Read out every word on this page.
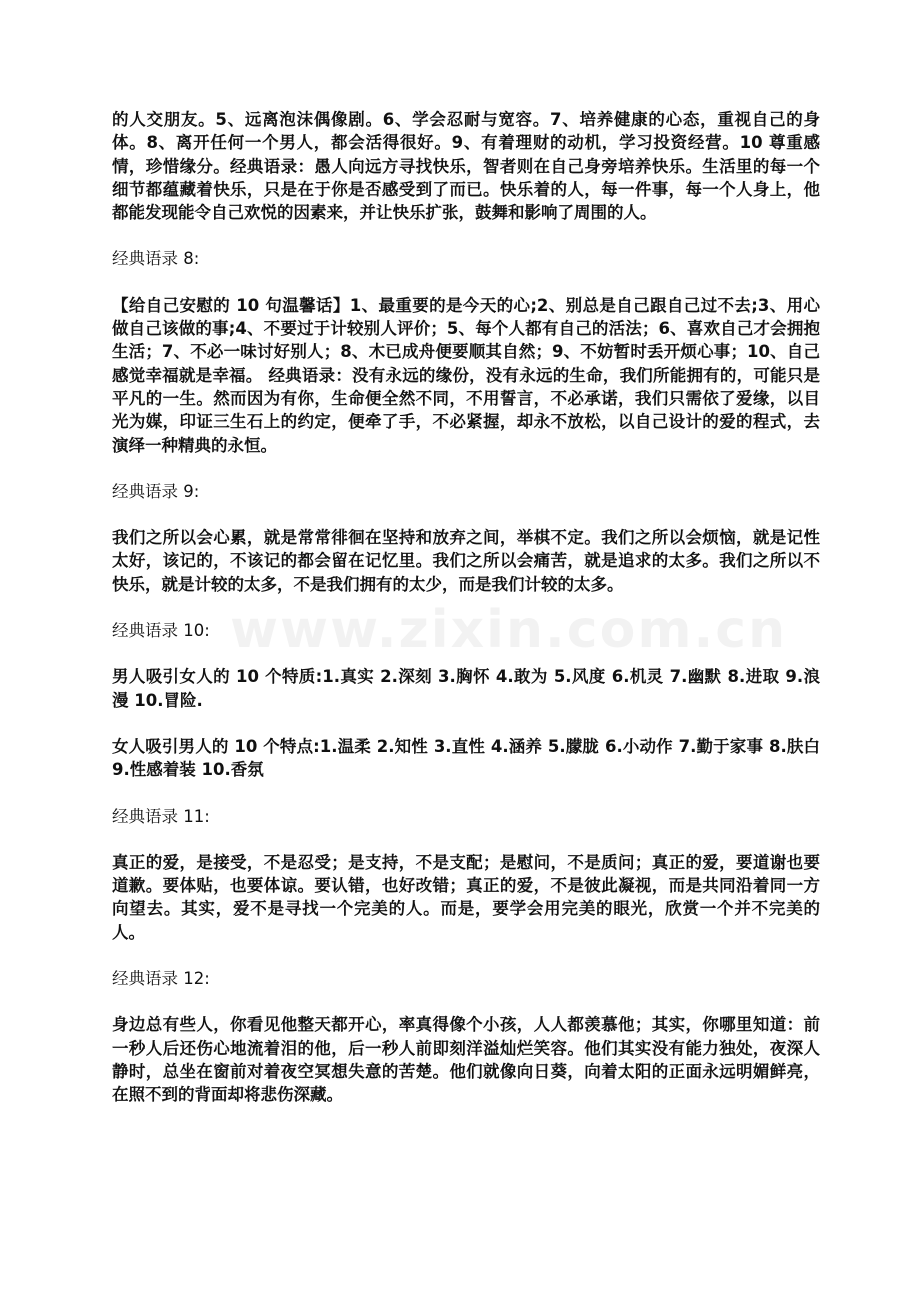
www.zixin.com.cn

的人交朋友。5、远离泡沫偶像剧。6、学会忍耐与宽容。7、培养健康的心态，重视自己的身体。8、离开任何一个男人，都会活得很好。9、有着理财的动机，学习投资经营。10 尊重感情，珍惜缘分。经典语录：愚人向远方寻找快乐，智者则在自己身旁培养快乐。生活里的每一个细节都蕴藏着快乐，只是在于你是否感受到了而已。快乐着的人，每一件事，每一个人身上，他都能发现能令自己欢悦的因素来，并让快乐扩张，鼓舞和影响了周围的人。

经典语录 8:

【给自己安慰的 10 句温馨话】1、最重要的是今天的心;2、别总是自己跟自己过不去;3、用心做自己该做的事;4、不要过于计较别人评价；5、每个人都有自己的活法；6、喜欢自己才会拥抱生活；7、不必一味讨好别人；8、木已成舟便要顺其自然；9、不妨暂时丢开烦心事；10、自己感觉幸福就是幸福。 经典语录：没有永远的缘份，没有永远的生命，我们所能拥有的，可能只是平凡的一生。然而因为有你，生命便全然不同，不用誓言，不必承诺，我们只需依了爱缘，以目光为媒，印证三生石上的约定，便牵了手，不必紧握，却永不放松，以自己设计的爱的程式，去演绎一种精典的永恒。

经典语录 9:

我们之所以会心累，就是常常徘徊在坚持和放弃之间，举棋不定。我们之所以会烦恼，就是记性太好，该记的，不该记的都会留在记忆里。我们之所以会痛苦，就是追求的太多。我们之所以不快乐，就是计较的太多，不是我们拥有的太少，而是我们计较的太多。

经典语录 10:

男人吸引女人的 10 个特质:1.真实 2.深刻 3.胸怀 4.敢为 5.风度 6.机灵 7.幽默 8.进取 9.浪漫 10.冒险.

女人吸引男人的 10 个特点:1.温柔 2.知性 3.直性 4.涵养 5.朦胧 6.小动作 7.勤于家事 8.肤白 9.性感着装 10.香氛

经典语录 11:

真正的爱，是接受，不是忍受；是支持，不是支配；是慰问，不是质问；真正的爱，要道谢也要道歉。要体贴，也要体谅。要认错，也好改错；真正的爱，不是彼此凝视，而是共同沿着同一方向望去。其实，爱不是寻找一个完美的人。而是，要学会用完美的眼光，欣赏一个并不完美的人。

经典语录 12:

身边总有些人，你看见他整天都开心，率真得像个小孩，人人都羡慕他；其实，你哪里知道：前一秒人后还伤心地流着泪的他，后一秒人前即刻洋溢灿烂笑容。他们其实没有能力独处，夜深人静时，总坐在窗前对着夜空冥想失意的苦楚。他们就像向日葵，向着太阳的正面永远明媚鲜亮，在照不到的背面却将悲伤深藏。
